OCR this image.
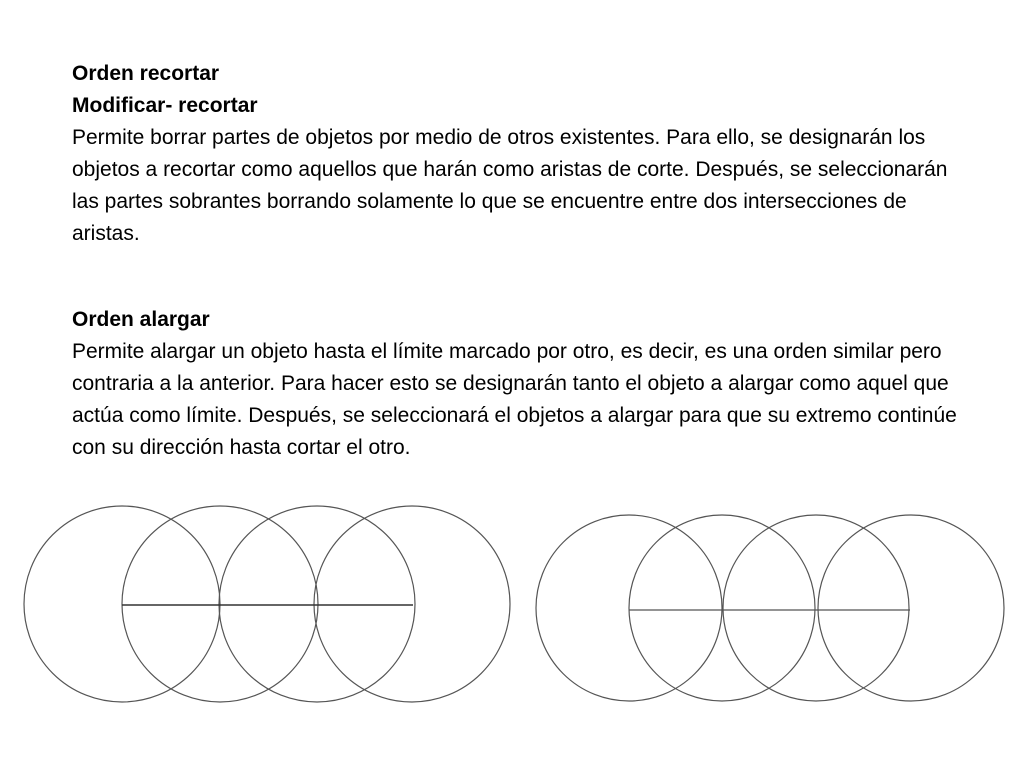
Orden recortar

Modificar- recortar

Permite borrar partes de objetos por medio de otros existentes. Para ello, se designarán los objetos a recortar como aquellos que harán como aristas de corte. Después, se seleccionarán las partes sobrantes borrando solamente lo que se encuentre entre dos intersecciones de aristas.

Orden alargar

Permite alargar un objeto hasta el límite marcado por otro, es decir, es una orden similar pero contraria a la anterior. Para hacer esto se designarán tanto el objeto a alargar como aquel que actúa como límite. Después, se seleccionará el objetos a alargar para que su extremo continúe con su dirección hasta cortar el otro.
